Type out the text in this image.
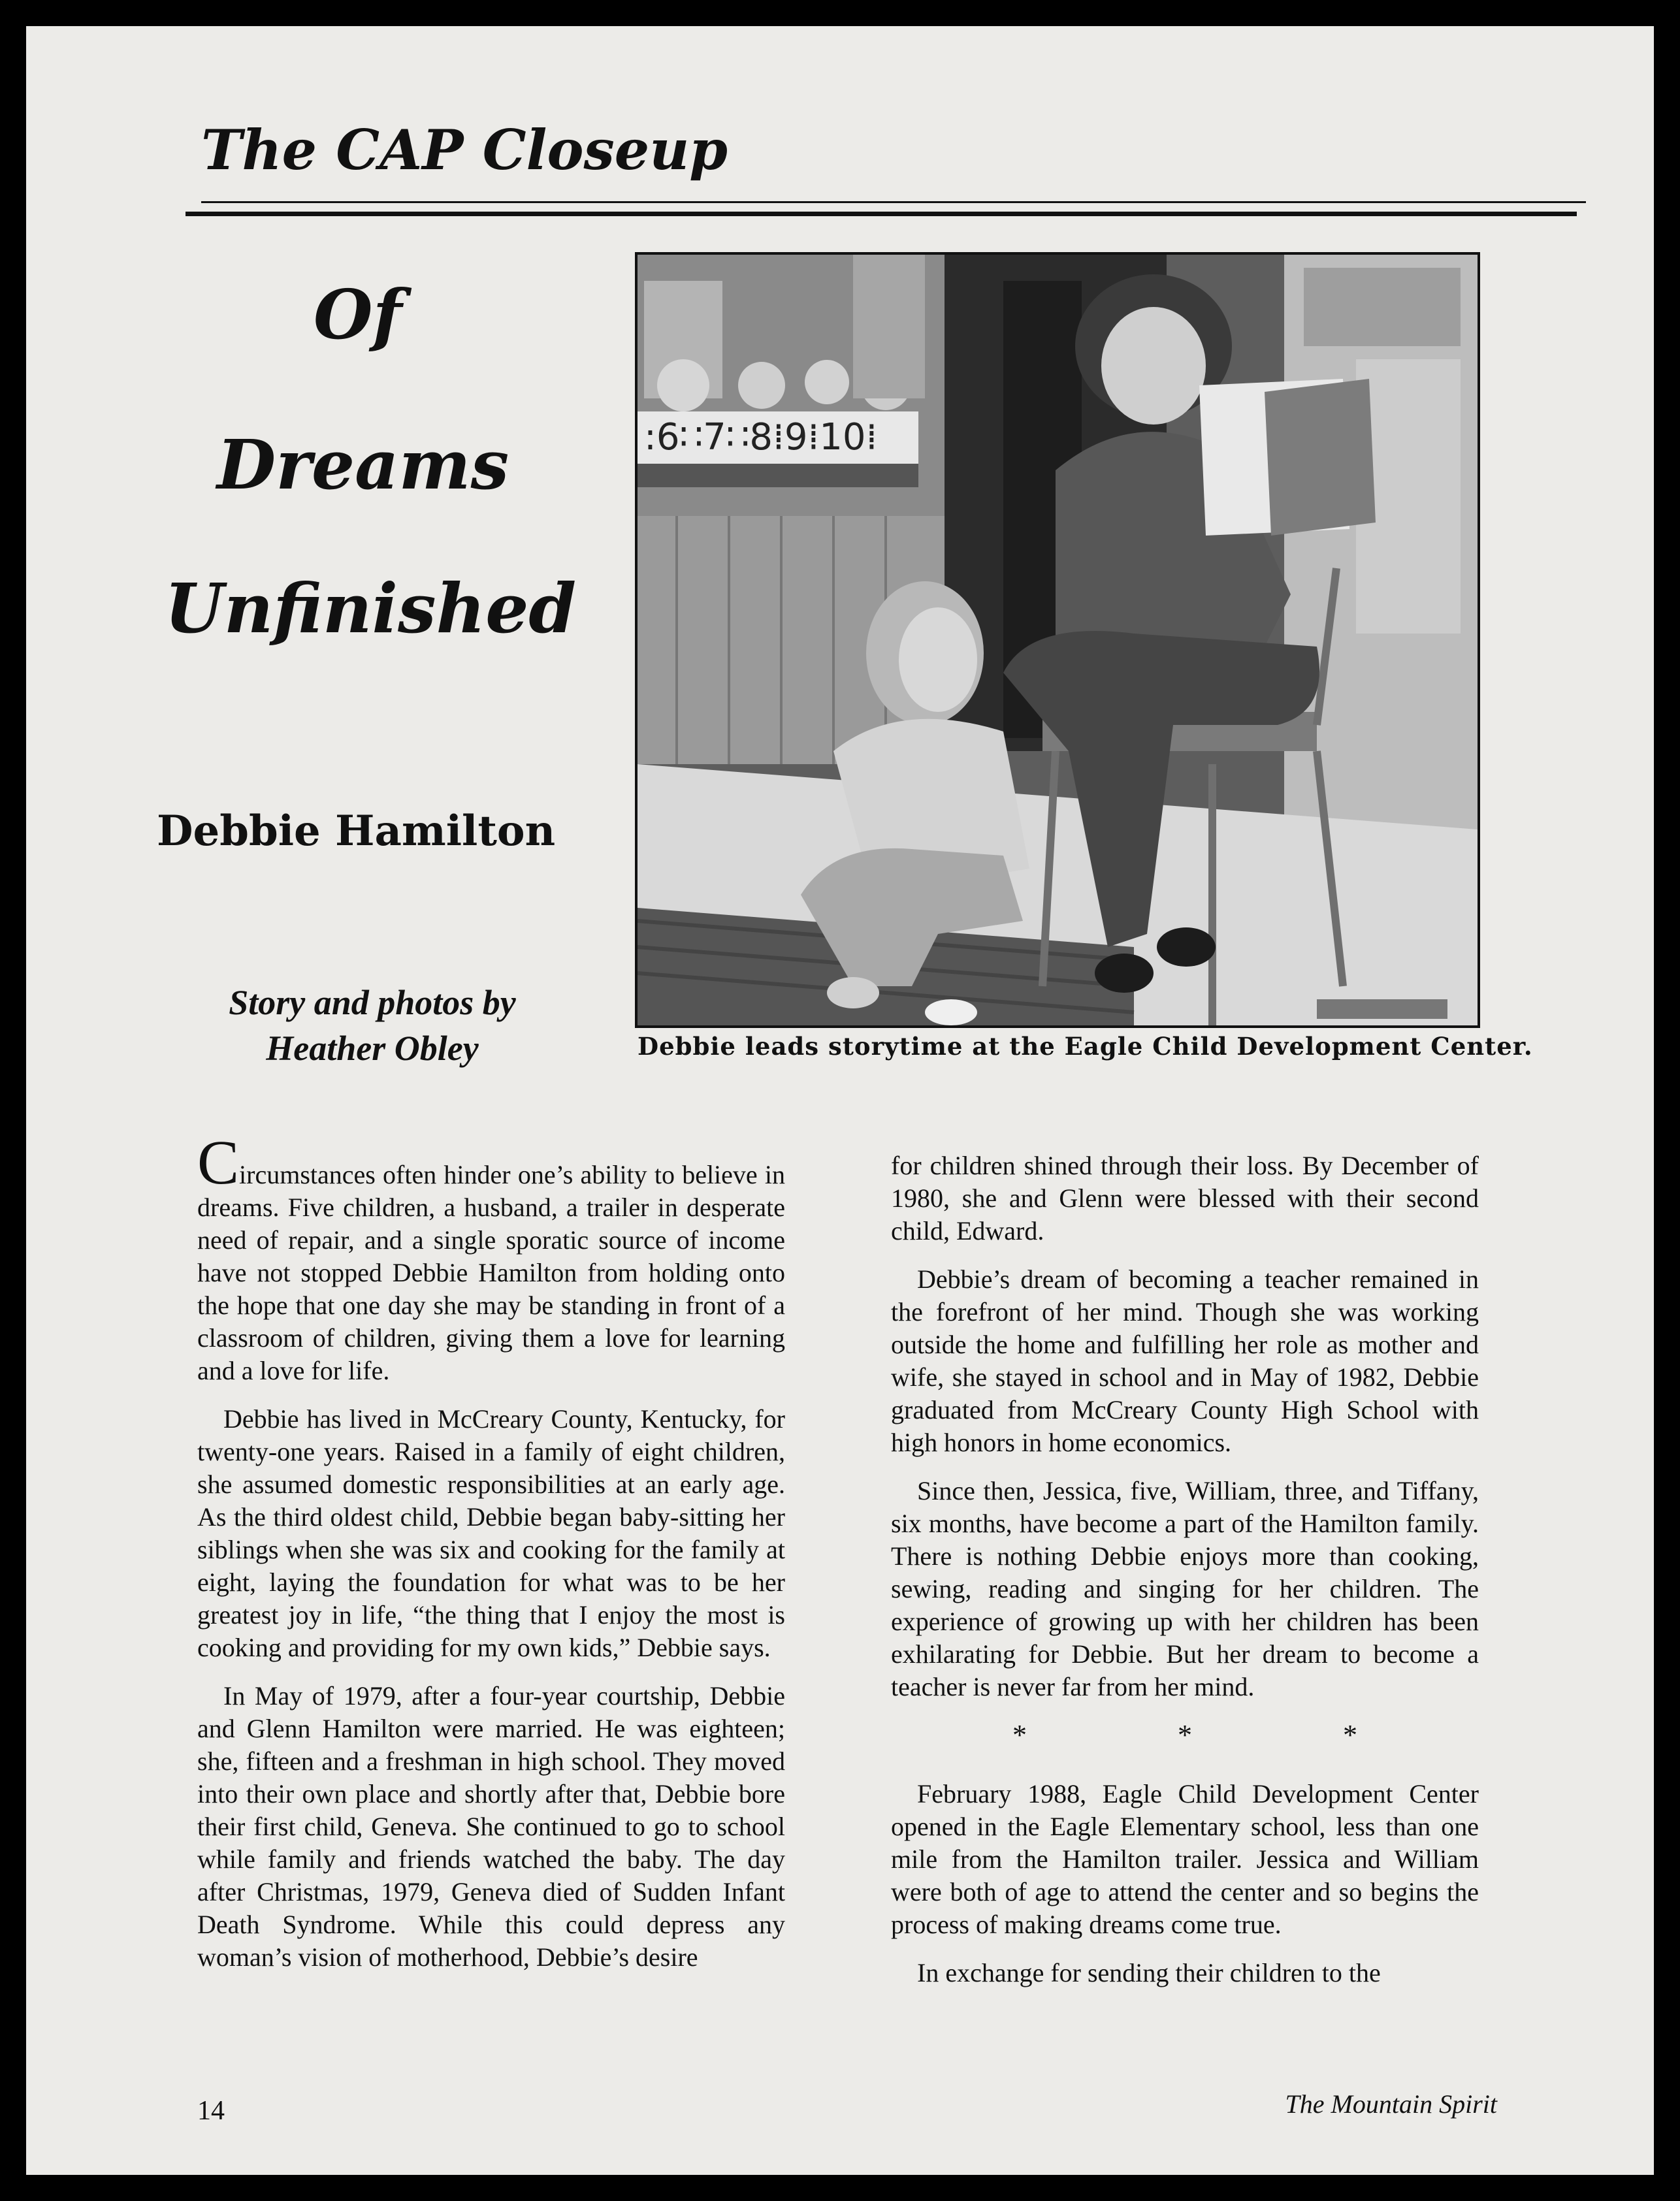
The CAP Closeup
Of
Dreams
Unfinished
Debbie Hamilton
Story and photos by
Heather Obley
:6∷7∷8⁞9⁞10⁞
Debbie leads storytime at the Eagle Child Development Center.

Circumstances often hinder one’s ability to believe in dreams. Five children, a husband, a trailer in desperate need of repair, and a single sporatic source of income have not stopped Debbie Hamilton from holding onto the hope that one day she may be standing in front of a classroom of children, giving them a love for learning and a love for life.

Debbie has lived in McCreary County, Kentucky, for twenty-one years. Raised in a family of eight children, she assumed domestic responsibilities at an early age. As the third oldest child, Debbie began baby-sitting her siblings when she was six and cooking for the family at eight, laying the foundation for what was to be her greatest joy in life, “the thing that I enjoy the most is cooking and providing for my own kids,” Debbie says.

In May of 1979, after a four-year courtship, Debbie and Glenn Hamilton were married. He was eighteen; she, fifteen and a freshman in high school. They moved into their own place and shortly after that, Debbie bore their first child, Geneva. She continued to go to school while family and friends watched the baby. The day after Christmas, 1979, Geneva died of Sudden Infant Death Syndrome. While this could depress any woman’s vision of motherhood, Debbie’s desire

for children shined through their loss. By December of 1980, she and Glenn were blessed with their second child, Edward.

Debbie’s dream of becoming a teacher remained in the forefront of her mind. Though she was working outside the home and fulfilling her role as mother and wife, she stayed in school and in May of 1982, Debbie graduated from McCreary County High School with high honors in home economics.

Since then, Jessica, five, William, three, and Tiffany, six months, have become a part of the Hamilton family. There is nothing Debbie enjoys more than cooking, sewing, reading and singing for her children. The experience of growing up with her children has been exhilarating for Debbie. But her dream to become a teacher is never far from her mind.

* * *

February 1988, Eagle Child Development Center opened in the Eagle Elementary school, less than one mile from the Hamilton trailer. Jessica and William were both of age to attend the center and so begins the process of making dreams come true.

In exchange for sending their children to the

14	The Mountain Spirit
